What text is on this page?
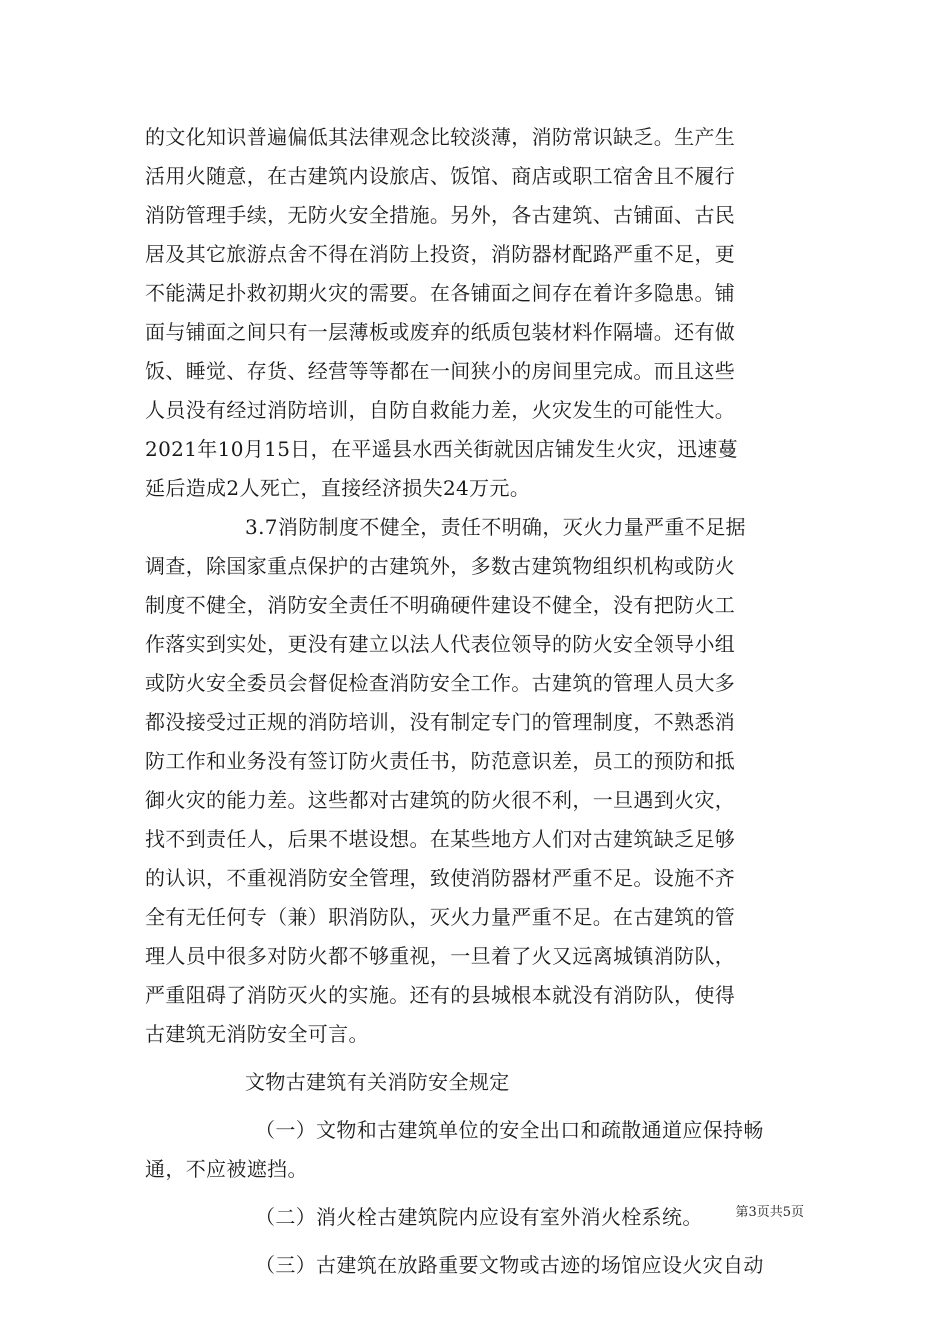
的文化知识普遍偏低其法律观念比较淡薄，消防常识缺乏。生产生
活用火随意，在古建筑内设旅店、饭馆、商店或职工宿舍且不履行
消防管理手续，无防火安全措施。另外，各古建筑、古铺面、古民
居及其它旅游点舍不得在消防上投资，消防器材配路严重不足，更
不能满足扑救初期火灾的需要。在各铺面之间存在着许多隐患。铺
面与铺面之间只有一层薄板或废弃的纸质包装材料作隔墙。还有做
饭、睡觉、存货、经营等等都在一间狭小的房间里完成。而且这些
人员没有经过消防培训，自防自救能力差，火灾发生的可能性大。
2021年10月15日，在平遥县水西关街就因店铺发生火灾，迅速蔓
延后造成2人死亡，直接经济损失24万元。
3.7消防制度不健全，责任不明确，灭火力量严重不足据
调查，除国家重点保护的古建筑外，多数古建筑物组织机构或防火
制度不健全，消防安全责任不明确硬件建设不健全，没有把防火工
作落实到实处，更没有建立以法人代表位领导的防火安全领导小组
或防火安全委员会督促检查消防安全工作。古建筑的管理人员大多
都没接受过正规的消防培训，没有制定专门的管理制度，不熟悉消
防工作和业务没有签订防火责任书，防范意识差，员工的预防和抵
御火灾的能力差。这些都对古建筑的防火很不利，一旦遇到火灾，
找不到责任人，后果不堪设想。在某些地方人们对古建筑缺乏足够
的认识，不重视消防安全管理，致使消防器材严重不足。设施不齐
全有无任何专（兼）职消防队，灭火力量严重不足。在古建筑的管
理人员中很多对防火都不够重视，一旦着了火又远离城镇消防队，
严重阻碍了消防灭火的实施。还有的县城根本就没有消防队，使得
古建筑无消防安全可言。
文物古建筑有关消防安全规定
（一）文物和古建筑单位的安全出口和疏散通道应保持畅
通，不应被遮挡。
（二）消火栓古建筑院内应设有室外消火栓系统。
（三）古建筑在放路重要文物或古迹的场馆应设火灾自动
第3页共5页
